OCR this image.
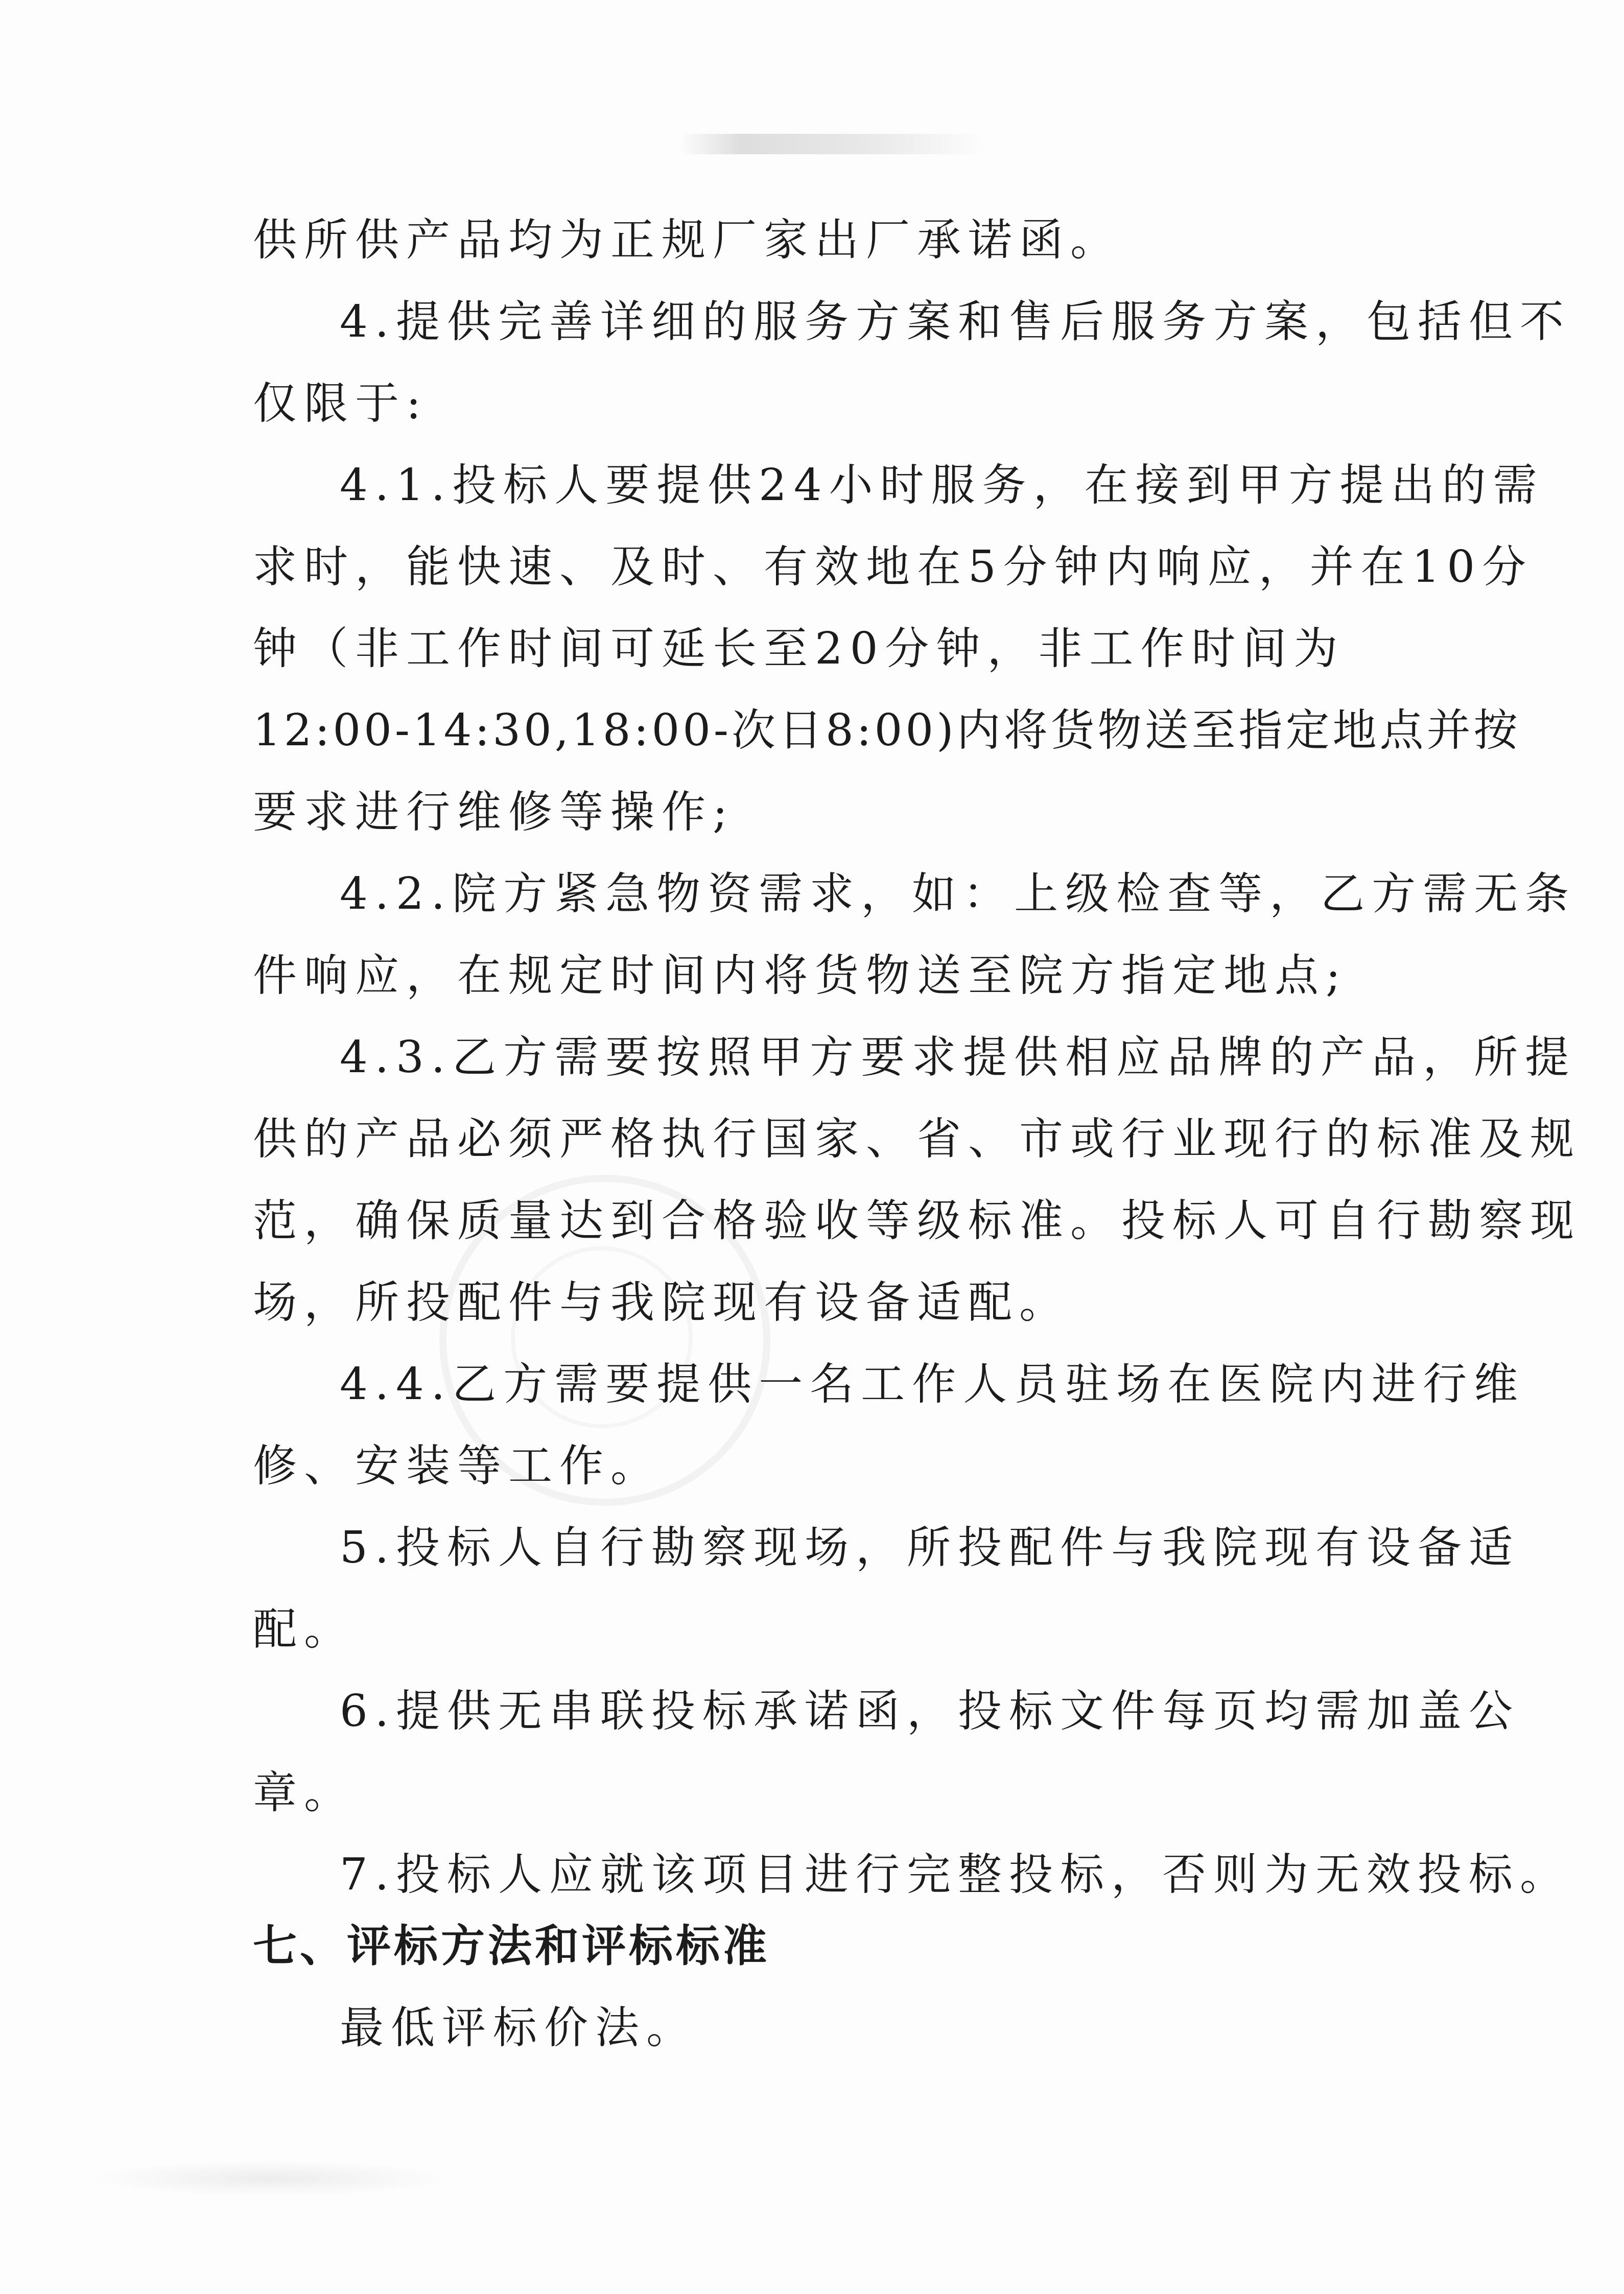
供所供产品均为正规厂家出厂承诺函。
4.提供完善详细的服务方案和售后服务方案，包括但不
仅限于:
4.1.投标人要提供24小时服务，在接到甲方提出的需
求时，能快速、及时、有效地在5分钟内响应，并在10分
钟（非工作时间可延长至20分钟，非工作时间为
12:00-14:30,18:00-次日8:00)内将货物送至指定地点并按
要求进行维修等操作;
4.2.院方紧急物资需求，如：上级检查等，乙方需无条
件响应，在规定时间内将货物送至院方指定地点;
4.3.乙方需要按照甲方要求提供相应品牌的产品，所提
供的产品必须严格执行国家、省、市或行业现行的标准及规
范，确保质量达到合格验收等级标准。投标人可自行勘察现
场，所投配件与我院现有设备适配。
4.4.乙方需要提供一名工作人员驻场在医院内进行维
修、安装等工作。
5.投标人自行勘察现场，所投配件与我院现有设备适
配。
6.提供无串联投标承诺函，投标文件每页均需加盖公
章。
7.投标人应就该项目进行完整投标，否则为无效投标。
七、评标方法和评标标准
最低评标价法。
